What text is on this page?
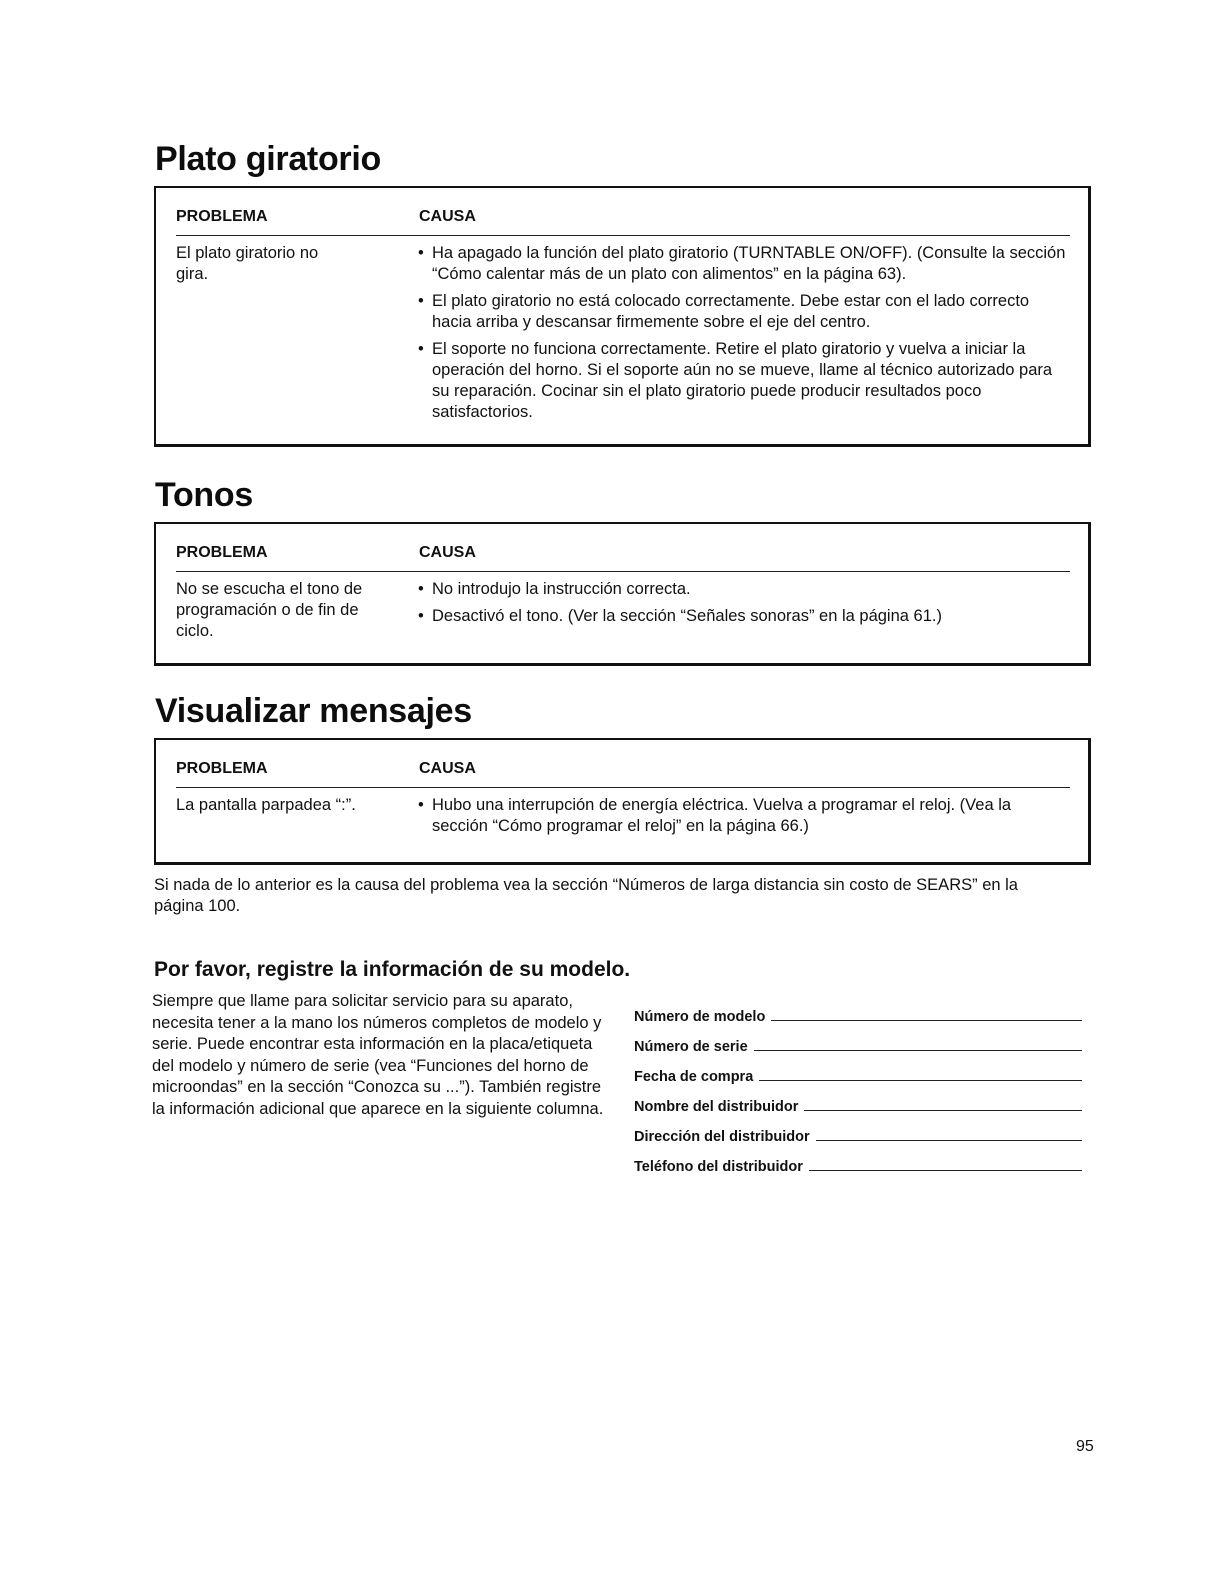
Plato giratorio
PROBLEMA	CAUSA
El plato giratorio no gira.
• Ha apagado la función del plato giratorio (TURNTABLE ON/OFF). (Consulte la sección “Cómo calentar más de un plato con alimentos” en la página 63).
• El plato giratorio no está colocado correctamente. Debe estar con el lado correcto hacia arriba y descansar firmemente sobre el eje del centro.
• El soporte no funciona correctamente. Retire el plato giratorio y vuelva a iniciar la operación del horno. Si el soporte aún no se mueve, llame al técnico autorizado para su reparación. Cocinar sin el plato giratorio puede producir resultados poco satisfactorios.
Tonos
PROBLEMA	CAUSA
No se escucha el tono de programación o de fin de ciclo.
• No introdujo la instrucción correcta.
• Desactivó el tono. (Ver la sección “Señales sonoras” en la página 61.)
Visualizar mensajes
PROBLEMA	CAUSA
La pantalla parpadea “:”.
•	Hubo una interrupción de energía eléctrica. Vuelva a programar el reloj. (Vea la sección “Cómo programar el reloj” en la página 66.)

Si nada de lo anterior es la causa del problema vea la sección “Números de larga distancia sin costo de SEARS” en la página 100.

Por favor, registre la información de su modelo.

Siempre que llame para solicitar servicio para su aparato, necesita tener a la mano los números completos de modelo y serie. Puede encontrar esta información en la placa/etiqueta del modelo y número de serie (vea “Funciones del horno de microondas” en la sección “Conozca su ...”). También registre la información adicional que aparece en la siguiente columna.

Número de modelo
Número de serie
Fecha de compra
Nombre del distribuidor
Dirección del distribuidor
Teléfono del distribuidor

95
